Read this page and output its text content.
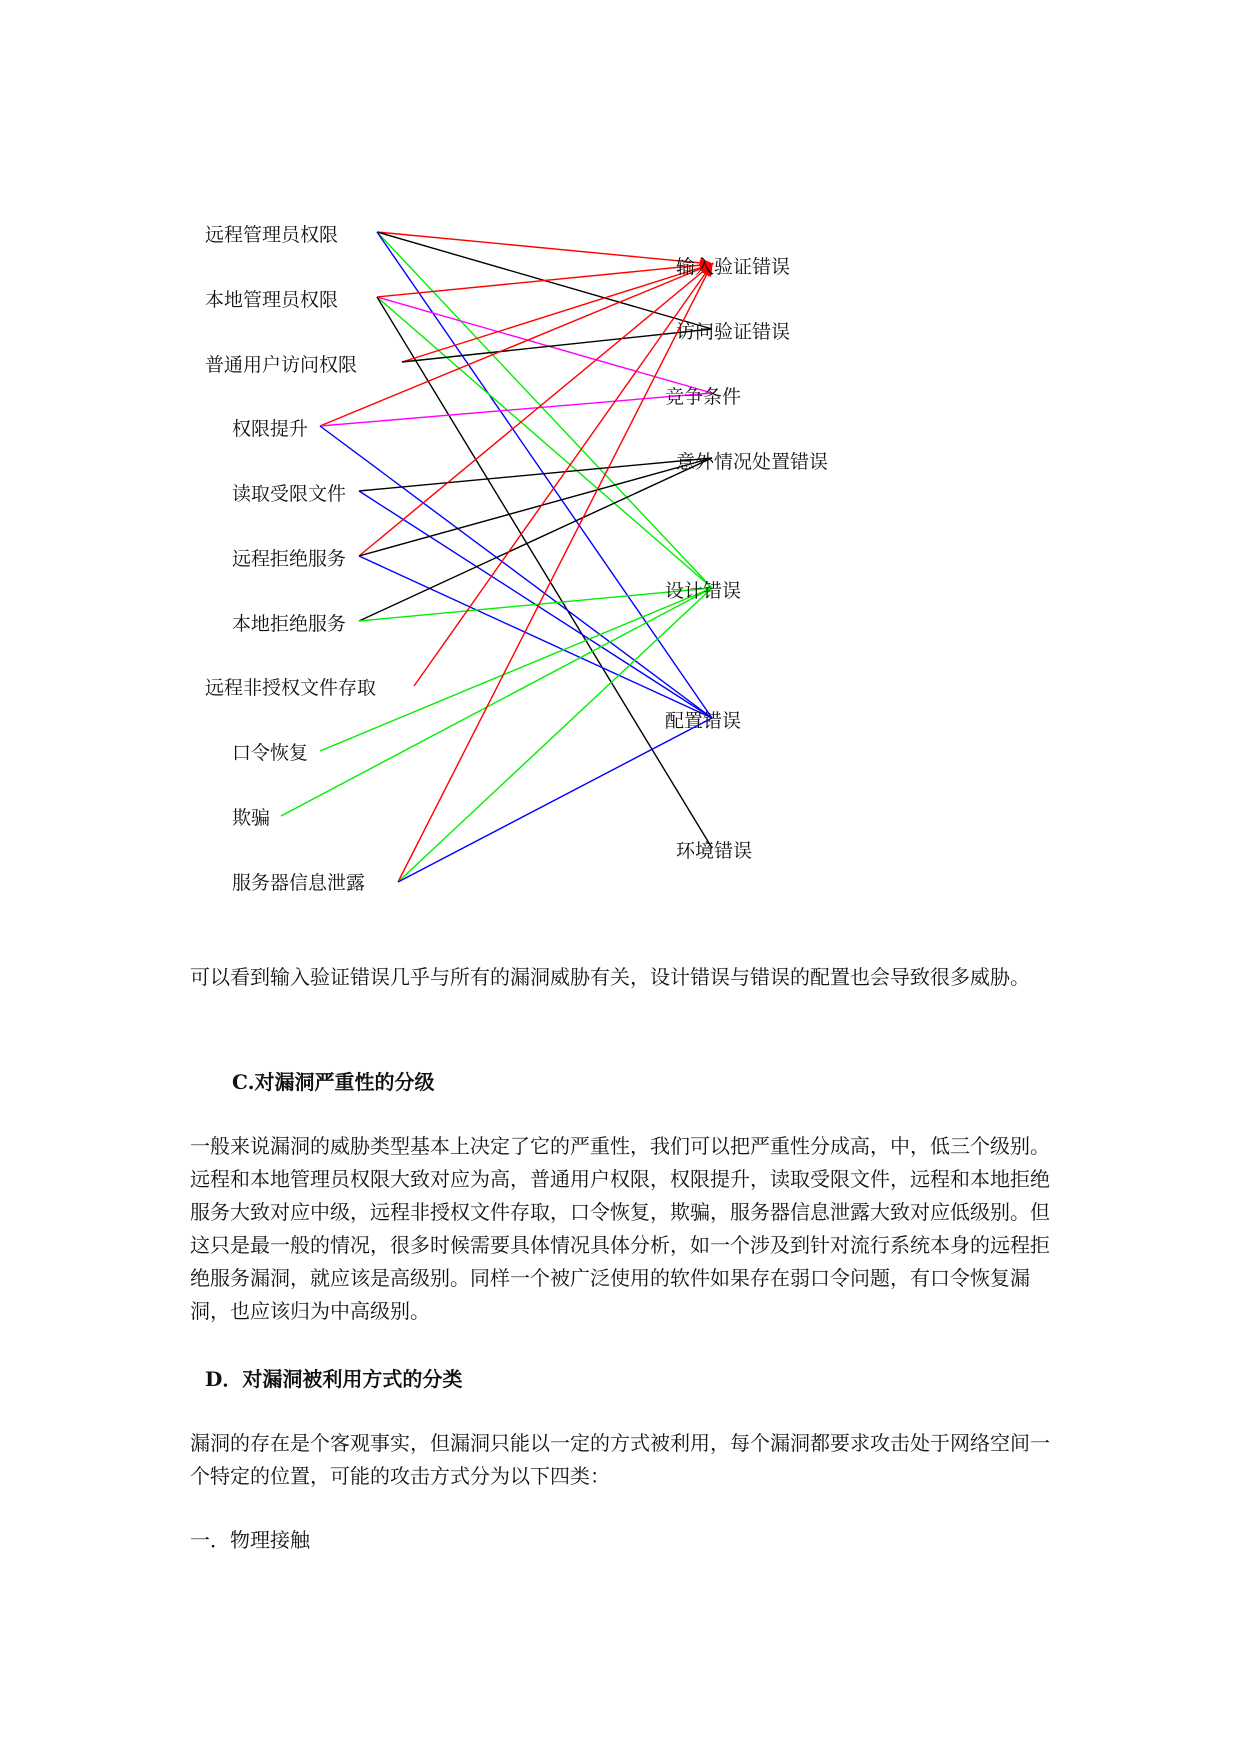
远程管理员权限
本地管理员权限
普通用户访问权限
权限提升
读取受限文件
远程拒绝服务
本地拒绝服务
远程非授权文件存取
口令恢复
欺骗
服务器信息泄露
输入验证错误
访问验证错误
竞争条件
意外情况处置错误
设计错误
配置错误
环境错误

可以看到输入验证错误几乎与所有的漏洞威胁有关，设计错误与错误的配置也会导致很多威胁。

C.对漏洞严重性的分级

一般来说漏洞的威胁类型基本上决定了它的严重性，我们可以把严重性分成高，中，低三个级别。远程和本地管理员权限大致对应为高，普通用户权限，权限提升，读取受限文件，远程和本地拒绝服务大致对应中级，远程非授权文件存取，口令恢复，欺骗，服务器信息泄露大致对应低级别。但这只是最一般的情况，很多时候需要具体情况具体分析，如一个涉及到针对流行系统本身的远程拒绝服务漏洞，就应该是高级别。同样一个被广泛使用的软件如果存在弱口令问题，有口令恢复漏洞，也应该归为中高级别。

D．对漏洞被利用方式的分类

漏洞的存在是个客观事实，但漏洞只能以一定的方式被利用，每个漏洞都要求攻击处于网络空间一个特定的位置，可能的攻击方式分为以下四类：

一．物理接触
